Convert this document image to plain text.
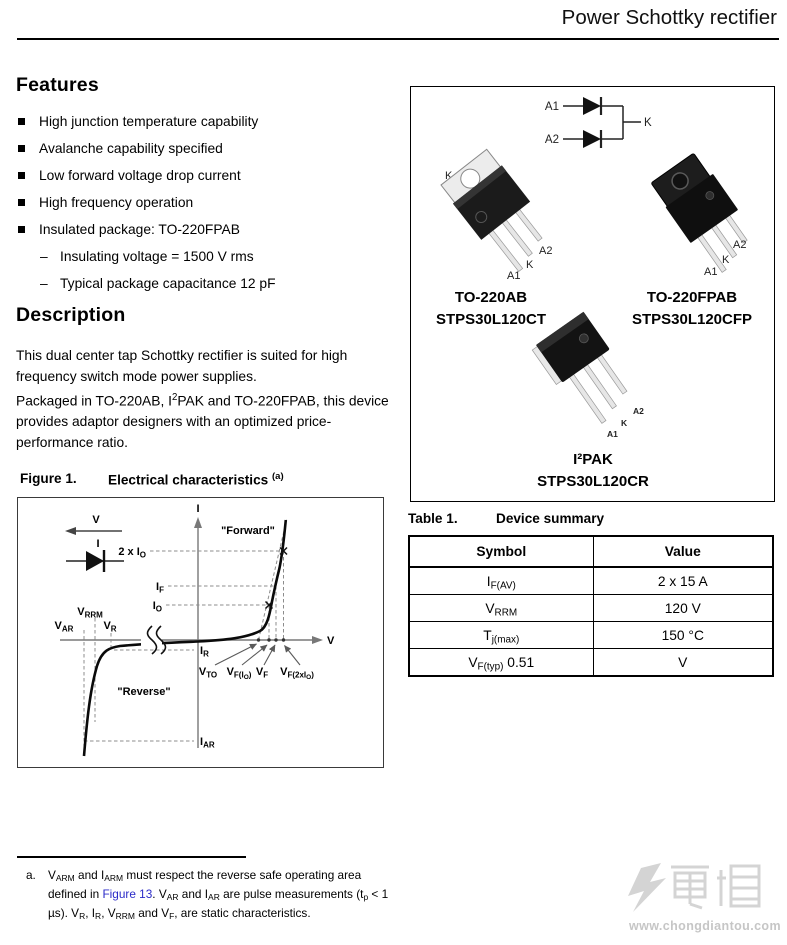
Power Schottky rectifier
Features
High junction temperature capability
Avalanche capability specified
Low forward voltage drop current
High frequency operation
Insulated package: TO-220FPAB
– Insulating voltage = 1500 V rms
– Typical package capacitance 12 pF
Description

This dual center tap Schottky rectifier is suited for high frequency switch mode power supplies.

Packaged in TO-220AB, $I^2PAK$ and TO-220FPAB, this device provides adaptor designers with an optimized price-performance ratio.

Figure 1.	Electrical characteristics $^{(a)}$
V
I
I
V
"Forward"
"Reverse"
2 x $I_O$
$I_F$
$I_O$
$I_R$
$I_{AR}$
$V_{AR}$
$V_{RRM}$
$V_R$
$V_{TO}$ $V_{F(I}O$) $V_F$ $V_{F(2xI}O$)
a.	$V_{ARM}$ and $I_{ARM}$ must respect the reverse safe operating area defined in Figure 13. $V_{AR}$ and $I_{AR}$ are pulse measurements ($t_p < 1$ µs). $V_R$, $I_R$, $V_{RRM}$ and $V_F$, are static characteristics.
A1
A2
K
K
A1
K
A2
TO-220AB
STPS30L120CT
A1
K
A2
TO-220FPAB
STPS30L120CFP
A1
K
A2
I²PAK
STPS30L120CR
Table 1.	Device summary
Symbol	Value
$I_{F(AV)}$	2 x 15 A
$V_{RRM}$	120 V
$T_{j(max)}$	150 °C
$V_{F(typ)}$ 0.51	V
www.chongdiantou.com
